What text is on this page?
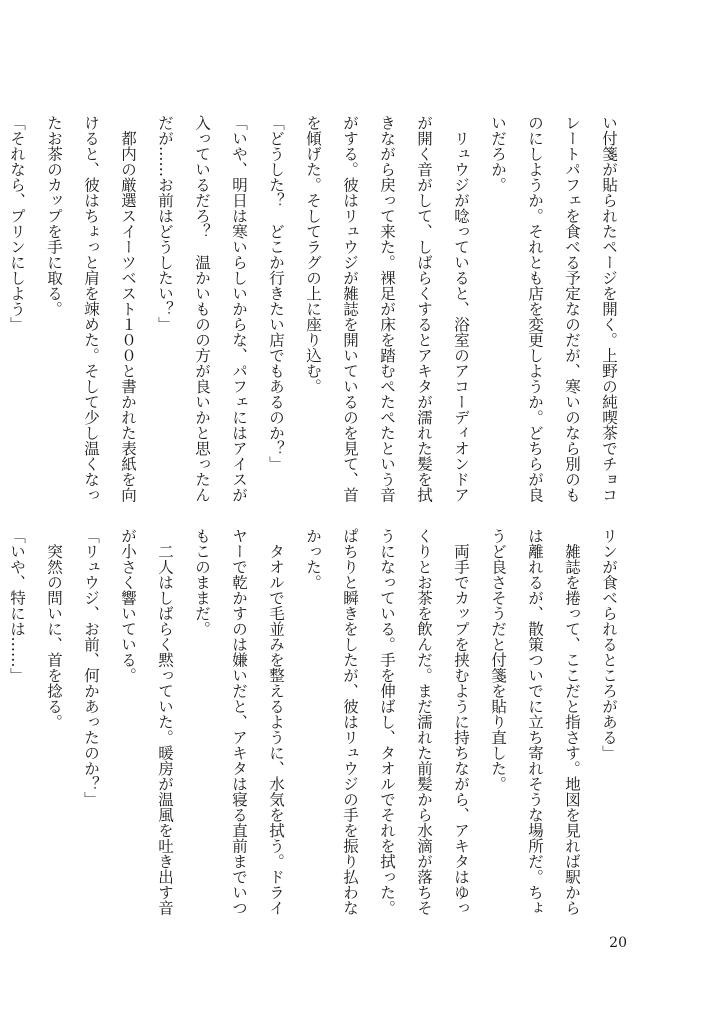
い付箋が貼られたページを開く。上野の純喫茶でチョコ
レートパフェを食べる予定なのだが、寒いのなら別のも
のにしようか。それとも店を変更しようか。どちらが良
いだろか。
　リュウジが唸っていると、浴室のアコーディオンドア
が開く音がして、しばらくするとアキタが濡れた髪を拭
きながら戻って来た。裸足が床を踏むぺたぺたという音
がする。彼はリュウジが雑誌を開いているのを見て、首
を傾げた。そしてラグの上に座り込む。
「どうした？　どこか行きたい店でもあるのか？」
「いや、明日は寒いらしいからな、パフェにはアイスが
入っているだろ？　温かいものの方が良いかと思ったん
だが……お前はどうしたい？」
　都内の厳選スイーツベスト１００と書かれた表紙を向
けると、彼はちょっと肩を竦めた。そして少し温くなっ
たお茶のカップを手に取る。
「それなら、プリンにしよう」
リンが食べられるところがある」
　雑誌を捲って、ここだと指さす。地図を見れば駅から
は離れるが、散策ついでに立ち寄れそうな場所だ。ちょ
うど良さそうだと付箋を貼り直した。
　両手でカップを挟むように持ちながら、アキタはゆっ
くりとお茶を飲んだ。まだ濡れた前髪から水滴が落ちそ
うになっている。手を伸ばし、タオルでそれを拭った。
ぱちりと瞬きをしたが、彼はリュウジの手を振り払わな
かった。
　タオルで毛並みを整えるように、水気を拭う。ドライ
ヤーで乾かすのは嫌いだと、アキタは寝る直前までいつ
もこのままだ。
　二人はしばらく黙っていた。暖房が温風を吐き出す音
が小さく響いている。
「リュウジ、お前、何かあったのか？」
　突然の問いに、首を捻る。
「いや、特には……」
20
